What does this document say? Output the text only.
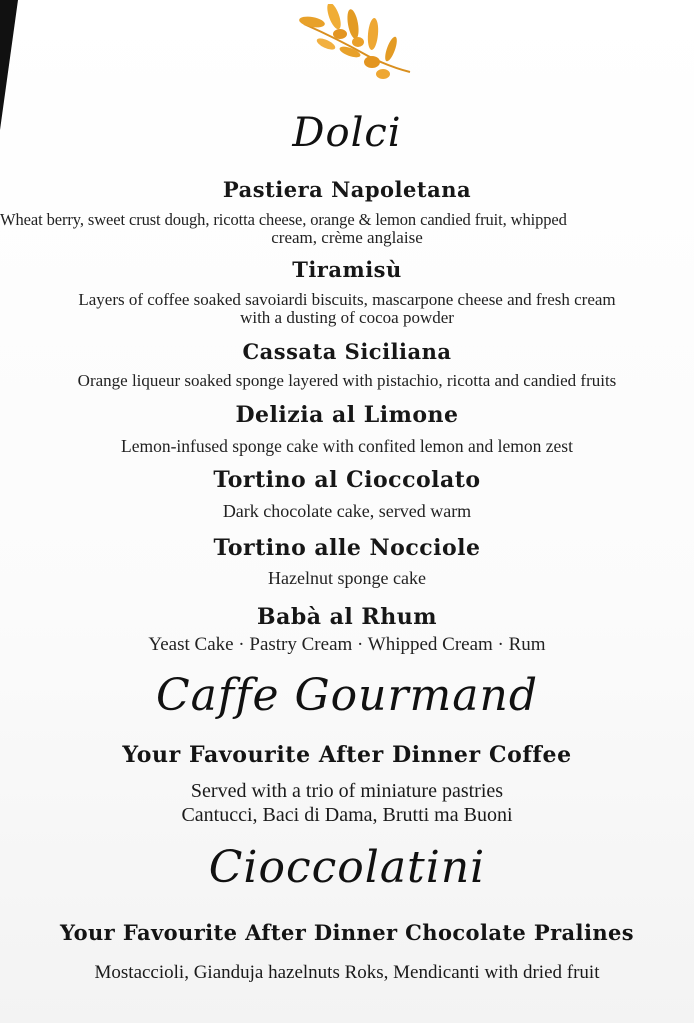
Dolci
Pastiera Napoletana
Wheat berry, sweet crust dough, ricotta cheese, orange & lemon candied fruit, whipped
cream, crème anglaise
Tiramisù
Layers of coffee soaked savoiardi biscuits, mascarpone cheese and fresh cream
with a dusting of cocoa powder
Cassata Siciliana
Orange liqueur soaked sponge layered with pistachio, ricotta and candied fruits
Delizia al Limone
Lemon-infused sponge cake with confited lemon and lemon zest
Tortino al Cioccolato
Dark chocolate cake, served warm
Tortino alle Nocciole
Hazelnut sponge cake
Babà al Rhum
Yeast Cake · Pastry Cream · Whipped Cream · Rum
Caffe Gourmand
Your Favourite After Dinner Coffee
Served with a trio of miniature pastries
Cantucci, Baci di Dama, Brutti ma Buoni
Cioccolatini
Your Favourite After Dinner Chocolate Pralines
Mostaccioli, Gianduja hazelnuts Roks, Mendicanti with dried fruit
